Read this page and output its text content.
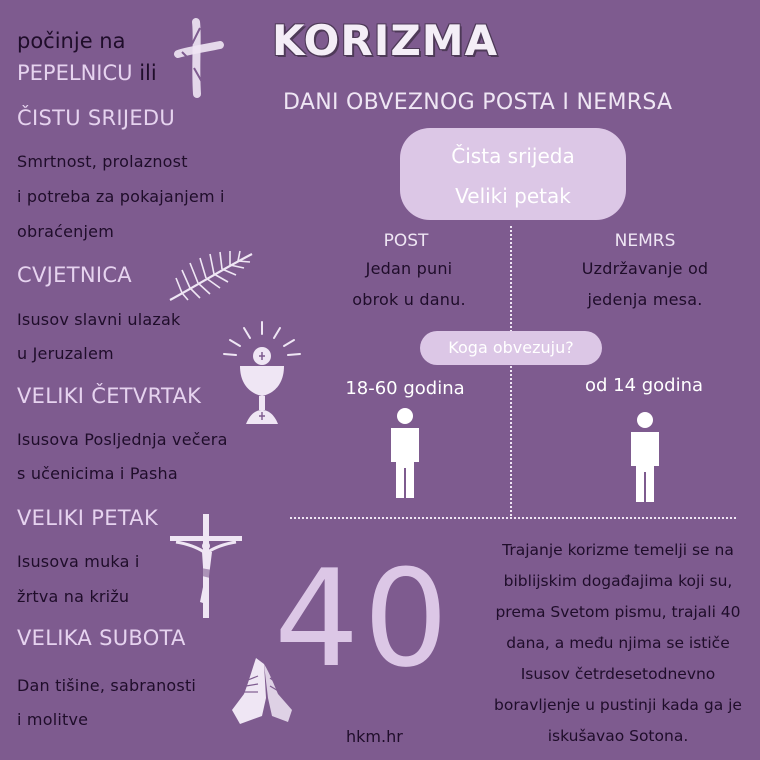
počinje na
PEPELNICU ili
ČISTU SRIJEDU
Smrtnost, prolaznost
i potreba za pokajanjem i
obraćenjem
CVJETNICA
Isusov slavni ulazak
u Jeruzalem
VELIKI ČETVRTAK
Isusova Posljednja večera
s učenicima i Pasha
VELIKI PETAK
Isusova muka i
žrtva na križu
VELIKA SUBOTA
Dan tišine, sabranosti
i molitve
KORIZMA
DANI OBVEZNOG POSTA I NEMRSA
Čista srijeda
Veliki petak
POST
Jedan puni
obrok u danu.
NEMRS
Uzdržavanje od
jedenja mesa.
Koga obvezuju?
18-60 godina	od 14 godina
40	Trajanje korizme temelji se na
biblijskim događajima koji su,
prema Svetom pismu, trajali 40
dana, a među njima se ističe
Isusov četrdesetodnevno
boravljenje u pustinji kada ga je
iskušavao Sotona.
hkm.hr
